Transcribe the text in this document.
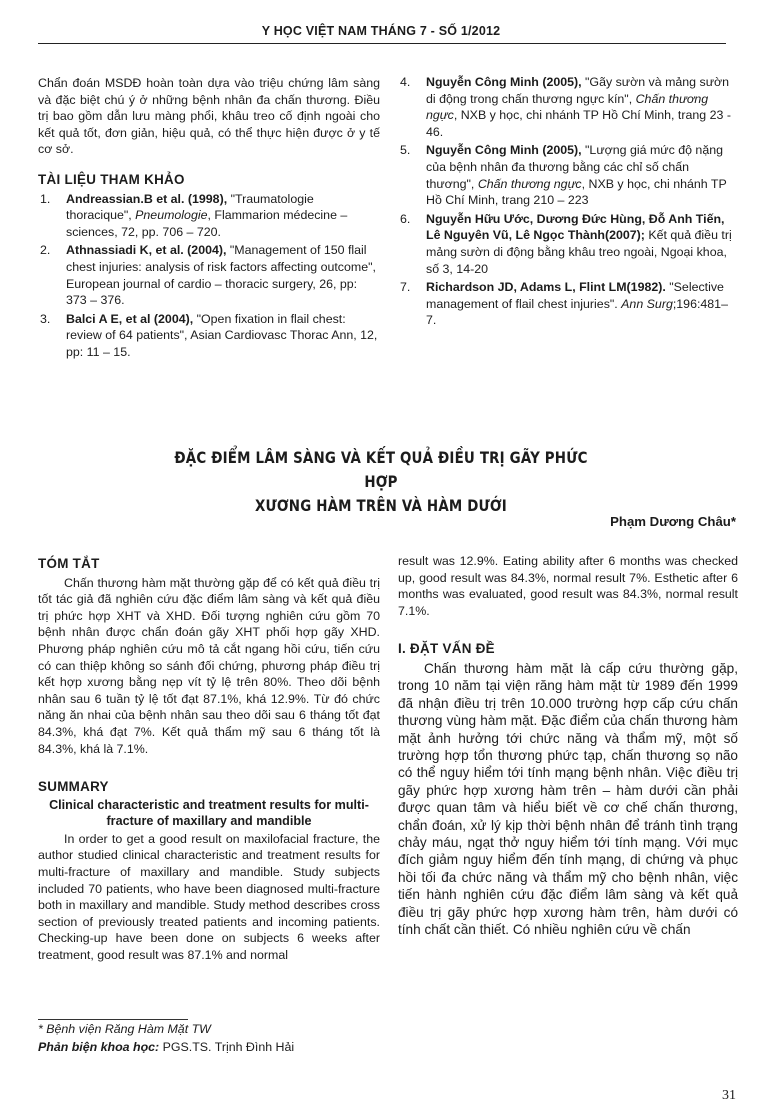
Y HỌC VIỆT NAM THÁNG 7 - SỐ 1/2012

Chẩn đoán MSDĐ hoàn toàn dựa vào triệu chứng lâm sàng và đặc biệt chú ý ở những bệnh nhân đa chấn thương. Điều trị bao gồm dẫn lưu màng phổi, khâu treo cố định ngoài cho kết quả tốt, đơn giản, hiệu quả, có thể thực hiện được ở y tế cơ sở.

TÀI LIỆU THAM KHẢO

1. Andreassian.B et al. (1998), "Traumatologie thoracique", Pneumologie, Flammarion médecine – sciences, 72, pp. 706 – 720.

2. Athnassiadi K, et al. (2004), "Management of 150 flail chest injuries: analysis of risk factors affecting outcome", European journal of cardio – thoracic surgery, 26, pp: 373 – 376.

3. Balci A E, et al (2004), "Open fixation in flail chest: review of 64 patients", Asian Cardiovasc Thorac Ann, 12, pp: 11 – 15.

4. Nguyễn Công Minh (2005), "Gãy sườn và mảng sườn di động trong chấn thương ngực kín", Chấn thương ngực, NXB y học, chi nhánh TP Hồ Chí Minh, trang 23 - 46.

5. Nguyễn Công Minh (2005), "Lượng giá mức độ nặng của bệnh nhân đa thương bằng các chỉ số chấn thương", Chấn thương ngực, NXB y học, chi nhánh TP Hồ Chí Minh, trang 210 – 223

6. Nguyễn Hữu Ước, Dương Đức Hùng, Đỗ Anh Tiến, Lê Nguyên Vũ, Lê Ngọc Thành(2007); Kết quả điều trị mảng sườn di động bằng khâu treo ngoài, Ngoại khoa, số 3, 14-20

7. Richardson JD, Adams L, Flint LM(1982). "Selective management of flail chest injuries". Ann Surg;196:481–7.

ĐẶC ĐIỂM LÂM SÀNG VÀ KẾT QUẢ ĐIỀU TRỊ GÃY PHỨC HỢP
XƯƠNG HÀM TRÊN VÀ HÀM DƯỚI
Phạm Dương Châu*
TÓM TẮT

Chấn thương hàm mặt thường gặp để có kết quả điều trị tốt tác giả đã nghiên cứu đặc điểm lâm sàng và kết quả điều trị phức hợp XHT và XHD. Đối tượng nghiên cứu gồm 70 bệnh nhân được chẩn đoán gãy XHT phối hợp gãy XHD. Phương pháp nghiên cứu mô tả cắt ngang hồi cứu, tiến cứu có can thiệp không so sánh đối chứng, phương pháp điều trị kết hợp xương bằng nẹp vít tỷ lệ trên 80%. Theo dõi bệnh nhân sau 6 tuần tỷ lệ tốt đạt 87.1%, khá 12.9%. Từ đó chức năng ăn nhai của bệnh nhân sau theo dõi sau 6 tháng tốt đạt 84.3%, khá đạt 7%. Kết quả thẩm mỹ sau 6 tháng tốt là 84.3%, khá là 7.1%.

SUMMARY

Clinical characteristic and treatment results for multi-fracture of maxillary and mandible

In order to get a good result on maxilofacial fracture, the author studied clinical characteristic and treatment results for multi-fracture of maxillary and mandible. Study subjects included 70 patients, who have been diagnosed multi-fracture both in maxillary and mandible. Study method describes cross section of previously treated patients and incoming patients. Checking-up have been done on subjects 6 weeks after treatment, good result was 87.1% and normal

result was 12.9%. Eating ability after 6 months was checked up, good result was 84.3%, normal result 7%. Esthetic after 6 months was evaluated, good result was 84.3%, normal result 7.1%.

I. ĐẶT VẤN ĐỀ

Chấn thương hàm mặt là cấp cứu thường gặp, trong 10 năm tại viện răng hàm mặt từ 1989 đến 1999 đã nhận điều trị trên 10.000 trường hợp cấp cứu chấn thương vùng hàm mặt. Đặc điểm của chấn thương hàm mặt ảnh hưởng tới chức năng và thẩm mỹ, một số trường hợp tổn thương phức tạp, chấn thương sọ não có thể nguy hiểm tới tính mạng bệnh nhân. Việc điều trị gãy phức hợp xương hàm trên – hàm dưới cần phải được quan tâm và hiểu biết về cơ chế chấn thương, chẩn đoán, xử lý kịp thời bệnh nhân để tránh tình trạng chảy máu, ngạt thở nguy hiểm tới tính mạng. Với mục đích giảm nguy hiểm đến tính mạng, di chứng và phục hồi tối đa chức năng và thẩm mỹ cho bệnh nhân, việc tiến hành nghiên cứu đặc điểm lâm sàng và kết quả điều trị gãy phức hợp xương hàm trên, hàm dưới có tính chất cần thiết. Có nhiều nghiên cứu về chấn

* Bệnh viện Răng Hàm Mặt TW
Phản biện khoa học: PGS.TS. Trịnh Đình Hải
31
